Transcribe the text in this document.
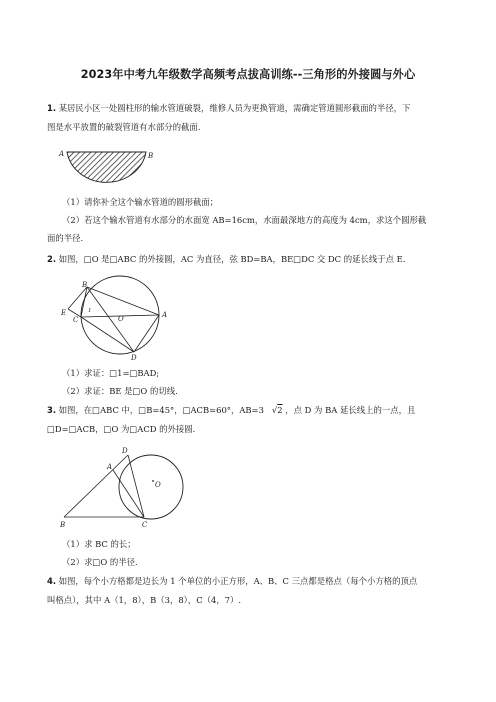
2023年中考九年级数学高频考点拔高训练--三角形的外接圆与外心
1. 某居民小区一处圆柱形的输水管道破裂，维修人员为更换管道，需确定管道圆形截面的半径，下
图是水平放置的破裂管道有水部分的截面.
A	B
（1）请你补全这个输水管道的圆形截面；
（2）若这个输水管道有水部分的水面宽 AB=16cm，水面最深地方的高度为 4cm，求这个圆形截
面的半径.
2. 如图，□O 是□ABC 的外接圆，AC 为直径，弦 BD=BA，BE□DC 交 DC 的延长线于点 E.
B
E
C
1
O	A
D
（1）求证：□1=□BAD;
（2）求证：BE 是□O 的切线.
3. 如图，在□ABC 中，□B=45°，□ACB=60°，AB=3 √2 ，点 D 为 BA 延长线上的一点，且
□D=□ACB，□O 为□ACD 的外接圆.
D
A
O
B	C
（1）求 BC 的长；
（2）求□O 的半径.
4. 如图，每个小方格都是边长为 1 个单位的小正方形，A、B、C 三点都是格点（每个小方格的顶点
叫格点），其中 A（1，8），B（3，8），C（4，7）.
